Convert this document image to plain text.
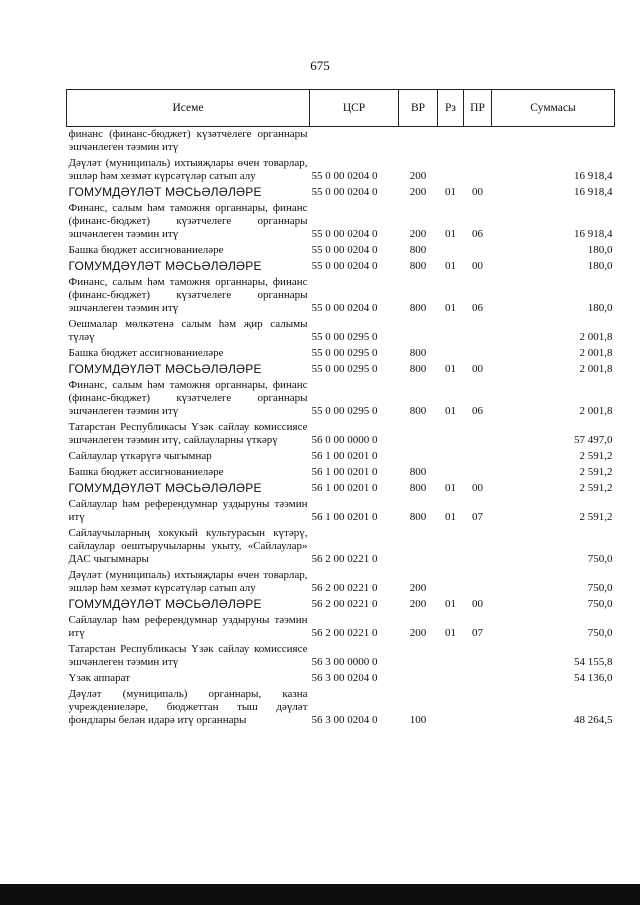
675
Исеме	ЦСР	ВР	Рз	ПР	Суммасы
финанс (финанс-бюджет) күзәтчелеге органнары эшчәнлеген тәэмин итү					
Дәүләт (муниципаль) ихтыяҗлары өчен товарлар, эшләр һәм хезмәт күрсәтүләр сатып алу	55 0 00 0204 0	200			16 918,4
ГОМУМДӘҮЛӘТ МӘСЬӘЛӘЛӘРЕ	55 0 00 0204 0	200	01	00	16 918,4
Финанс, салым һәм таможня органнары, финанс (финанс-бюджет) күзәтчелеге органнары эшчәнлеген тәэмин итү	55 0 00 0204 0	200	01	06	16 918,4
Башка бюджет ассигнованиеләре	55 0 00 0204 0	800			180,0
ГОМУМДӘҮЛӘТ МӘСЬӘЛӘЛӘРЕ	55 0 00 0204 0	800	01	00	180,0
Финанс, салым һәм таможня органнары, финанс (финанс-бюджет) күзәтчелеге органнары эшчәнлеген тәэмин итү	55 0 00 0204 0	800	01	06	180,0
Оешмалар мөлкәтенә салым һәм җир салымы түләү	55 0 00 0295 0				2 001,8
Башка бюджет ассигнованиеләре	55 0 00 0295 0	800			2 001,8
ГОМУМДӘҮЛӘТ МӘСЬӘЛӘЛӘРЕ	55 0 00 0295 0	800	01	00	2 001,8
Финанс, салым һәм таможня органнары, финанс (финанс-бюджет) күзәтчелеге органнары эшчәнлеген тәэмин итү	55 0 00 0295 0	800	01	06	2 001,8
Татарстан Республикасы Үзәк сайлау комиссиясе эшчәнлеген тәэмин итү, сайлауларны үткәрү	56 0 00 0000 0				57 497,0
Сайлаулар үткәрүгә чыгымнар	56 1 00 0201 0				2 591,2
Башка бюджет ассигнованиеләре	56 1 00 0201 0	800			2 591,2
ГОМУМДӘҮЛӘТ МӘСЬӘЛӘЛӘРЕ	56 1 00 0201 0	800	01	00	2 591,2
Сайлаулар һәм референдумнар уздыруны тәэмин итү	56 1 00 0201 0	800	01	07	2 591,2
Сайлаучыларның хокукый культурасын күтәрү, сайлаулар оештыручыларны укыту, «Сайлаулар» ДАС чыгымнары	56 2 00 0221 0				750,0
Дәүләт (муниципаль) ихтыяҗлары өчен товарлар, эшләр һәм хезмәт күрсәтүләр сатып алу	56 2 00 0221 0	200			750,0
ГОМУМДӘҮЛӘТ МӘСЬӘЛӘЛӘРЕ	56 2 00 0221 0	200	01	00	750,0
Сайлаулар һәм референдумнар уздыруны тәэмин итү	56 2 00 0221 0	200	01	07	750,0
Татарстан Республикасы Үзәк сайлау комиссиясе эшчәнлеген тәэмин итү	56 3 00 0000 0				54 155,8
Үзәк аппарат	56 3 00 0204 0				54 136,0
Дәүләт (муниципаль) органнары, казна учреждениеләре, бюджеттан тыш дәүләт фондлары белән идарә итү органнары	56 3 00 0204 0	100			48 264,5
